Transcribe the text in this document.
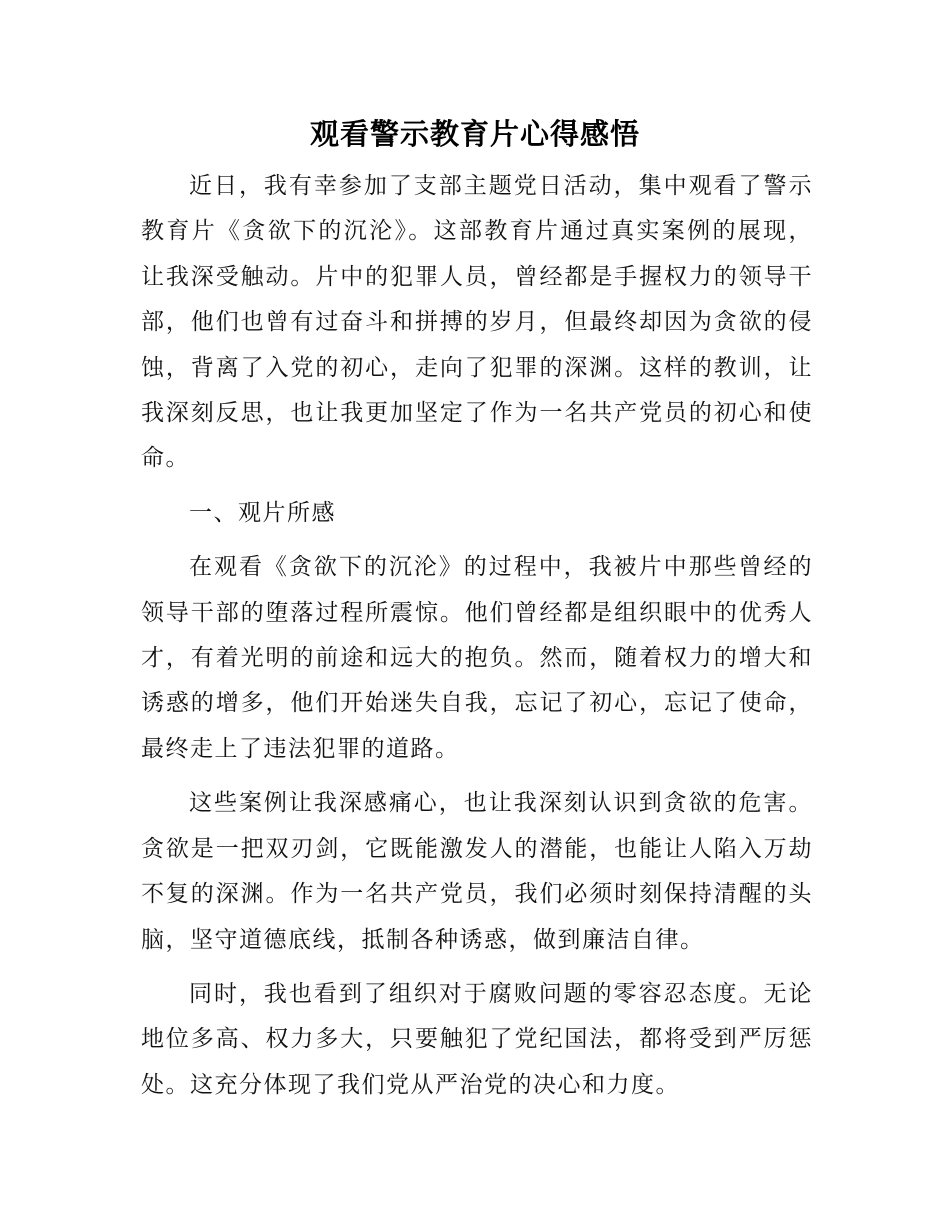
观看警示教育片心得感悟

近日，我有幸参加了支部主题党日活动，集中观看了警示教育片《贪欲下的沉沦》。这部教育片通过真实案例的展现，让我深受触动。片中的犯罪人员，曾经都是手握权力的领导干部，他们也曾有过奋斗和拼搏的岁月，但最终却因为贪欲的侵蚀，背离了入党的初心，走向了犯罪的深渊。这样的教训，让我深刻反思，也让我更加坚定了作为一名共产党员的初心和使命。

一、观片所感

在观看《贪欲下的沉沦》的过程中，我被片中那些曾经的领导干部的堕落过程所震惊。他们曾经都是组织眼中的优秀人才，有着光明的前途和远大的抱负。然而，随着权力的增大和诱惑的增多，他们开始迷失自我，忘记了初心，忘记了使命，最终走上了违法犯罪的道路。

这些案例让我深感痛心，也让我深刻认识到贪欲的危害。贪欲是一把双刃剑，它既能激发人的潜能，也能让人陷入万劫不复的深渊。作为一名共产党员，我们必须时刻保持清醒的头脑，坚守道德底线，抵制各种诱惑，做到廉洁自律。

同时，我也看到了组织对于腐败问题的零容忍态度。无论地位多高、权力多大，只要触犯了党纪国法，都将受到严厉惩处。这充分体现了我们党从严治党的决心和力度。
